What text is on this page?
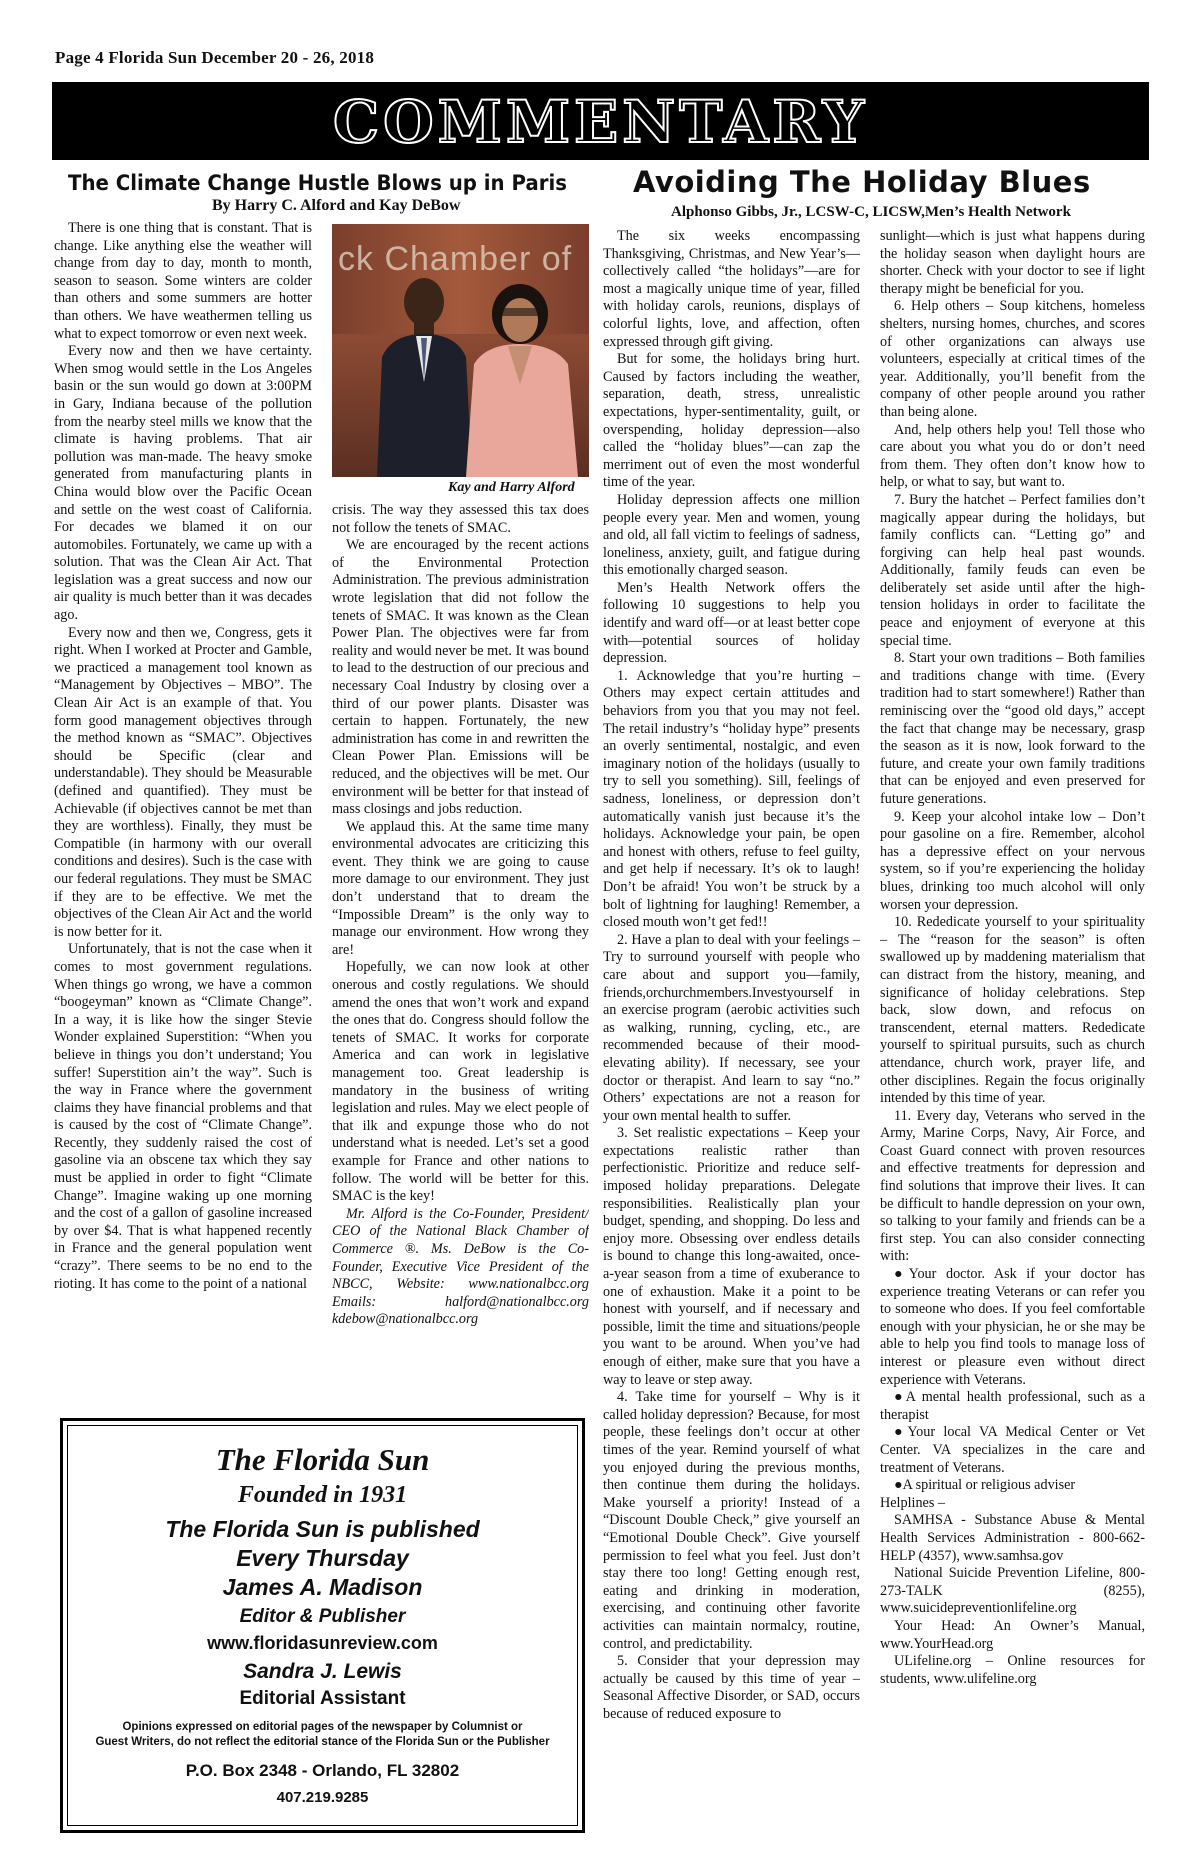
Page 4 Florida Sun December 20 - 26, 2018
COMMENTARY
The Climate Change Hustle Blows up in Paris
By Harry C. Alford and Kay DeBow
Avoiding The Holiday Blues
Alphonso Gibbs, Jr., LCSW-C, LICSW,Men’s Health Network

There is one thing that is constant. That is change. Like anything else the weather will change from day to day, month to month, season to season. Some winters are colder than others and some summers are hotter than others. We have weathermen telling us what to expect tomorrow or even next week.

Every now and then we have certainty. When smog would settle in the Los Angeles basin or the sun would go down at 3:00PM in Gary, Indiana because of the pollution from the nearby steel mills we know that the climate is having problems. That air pollution was man-made. The heavy smoke generated from manufacturing plants in China would blow over the Pacific Ocean and settle on the west coast of California. For decades we blamed it on our automobiles. Fortunately, we came up with a solution. That was the Clean Air Act. That legislation was a great success and now our air quality is much better than it was decades ago.

Every now and then we, Congress, gets it right. When I worked at Procter and Gamble, we practiced a management tool known as “Management by Objectives – MBO”. The Clean Air Act is an example of that. You form good management objectives through the method known as “SMAC”. Objectives should be Specific (clear and understandable). They should be Measurable (defined and quantified). They must be Achievable (if objectives cannot be met than they are worthless). Finally, they must be Compatible (in harmony with our overall conditions and desires). Such is the case with our federal regulations. They must be SMAC if they are to be effective. We met the objectives of the Clean Air Act and the world is now better for it.

Unfortunately, that is not the case when it comes to most government regulations. When things go wrong, we have a common “boogeyman” known as “Climate Change”. In a way, it is like how the singer Stevie Wonder explained Superstition: “When you believe in things you don’t understand; You suffer! Superstition ain’t the way”. Such is the way in France where the government claims they have financial problems and that is caused by the cost of “Climate Change”. Recently, they suddenly raised the cost of gasoline via an obscene tax which they say must be applied in order to fight “Climate Change”. Imagine waking up one morning and the cost of a gallon of gasoline increased by over $4. That is what happened recently in France and the general population went “crazy”. There seems to be no end to the rioting. It has come to the point of a national

ck Chamber of
Kay and Harry Alford

crisis. The way they assessed this tax does not follow the tenets of SMAC.

We are encouraged by the recent actions of the Environmental Protection Administration. The previous administration wrote legislation that did not follow the tenets of SMAC. It was known as the Clean Power Plan. The objectives were far from reality and would never be met. It was bound to lead to the destruction of our precious and necessary Coal Industry by closing over a third of our power plants. Disaster was certain to happen. Fortunately, the new administration has come in and rewritten the Clean Power Plan. Emissions will be reduced, and the objectives will be met. Our environment will be better for that instead of mass closings and jobs reduction.

We applaud this. At the same time many environmental advocates are criticizing this event. They think we are going to cause more damage to our environment. They just don’t understand that to dream the “Impossible Dream” is the only way to manage our environment. How wrong they are!

Hopefully, we can now look at other onerous and costly regulations. We should amend the ones that won’t work and expand the ones that do. Congress should follow the tenets of SMAC. It works for corporate America and can work in legislative management too. Great leadership is mandatory in the business of writing legislation and rules. May we elect people of that ilk and expunge those who do not understand what is needed. Let’s set a good example for France and other nations to follow. The world will be better for this. SMAC is the key!

Mr. Alford is the Co-Founder, President/ CEO of the National Black Chamber of Commerce ®. Ms. DeBow is the Co-Founder, Executive Vice President of the NBCC, Website: www.nationalbcc.org Emails: halford@nationalbcc.org kdebow@nationalbcc.org

The Florida Sun
Founded in 1931
The Florida Sun is published
Every Thursday
James A. Madison
Editor & Publisher
www.floridasunreview.com
Sandra J. Lewis
Editorial Assistant
Opinions expressed on editorial pages of the newspaper by Columnist or
Guest Writers, do not reflect the editorial stance of the Florida Sun or the Publisher
P.O. Box 2348 - Orlando, FL 32802
407.219.9285

The six weeks encompassing Thanksgiving, Christmas, and New Year’s—collectively called “the holidays”—are for most a magically unique time of year, filled with holiday carols, reunions, displays of colorful lights, love, and affection, often expressed through gift giving.

But for some, the holidays bring hurt. Caused by factors including the weather, separation, death, stress, unrealistic expectations, hyper-sentimentality, guilt, or overspending, holiday depression—also called the “holiday blues”—can zap the merriment out of even the most wonderful time of the year.

Holiday depression affects one million people every year. Men and women, young and old, all fall victim to feelings of sadness, loneliness, anxiety, guilt, and fatigue during this emotionally charged season.

Men’s Health Network offers the following 10 suggestions to help you identify and ward off—or at least better cope with—potential sources of holiday depression.

1. Acknowledge that you’re hurting – Others may expect certain attitudes and behaviors from you that you may not feel. The retail industry’s “holiday hype” presents an overly sentimental, nostalgic, and even imaginary notion of the holidays (usually to try to sell you something). Sill, feelings of sadness, loneliness, or depression don’t automatically vanish just because it’s the holidays. Acknowledge your pain, be open and honest with others, refuse to feel guilty, and get help if necessary. It’s ok to laugh! Don’t be afraid! You won’t be struck by a bolt of lightning for laughing! Remember, a closed mouth won’t get fed!!

2. Have a plan to deal with your feelings – Try to surround yourself with people who care about and support you—family, friends,orchurchmembers.Investyourself in an exercise program (aerobic activities such as walking, running, cycling, etc., are recommended because of their mood-elevating ability). If necessary, see your doctor or therapist. And learn to say “no.” Others’ expectations are not a reason for your own mental health to suffer.

3. Set realistic expectations – Keep your expectations realistic rather than perfectionistic. Prioritize and reduce self-imposed holiday preparations. Delegate responsibilities. Realistically plan your budget, spending, and shopping. Do less and enjoy more. Obsessing over endless details is bound to change this long-awaited, once-a-year season from a time of exuberance to one of exhaustion. Make it a point to be honest with yourself, and if necessary and possible, limit the time and situations/people you want to be around. When you’ve had enough of either, make sure that you have a way to leave or step away.

4. Take time for yourself – Why is it called holiday depression? Because, for most people, these feelings don’t occur at other times of the year. Remind yourself of what you enjoyed during the previous months, then continue them during the holidays. Make yourself a priority! Instead of a “Discount Double Check,” give yourself an “Emotional Double Check”. Give yourself permission to feel what you feel. Just don’t stay there too long! Getting enough rest, eating and drinking in moderation, exercising, and continuing other favorite activities can maintain normalcy, routine, control, and predictability.

5. Consider that your depression may actually be caused by this time of year – Seasonal Affective Disorder, or SAD, occurs because of reduced exposure to

sunlight—which is just what happens during the holiday season when daylight hours are shorter. Check with your doctor to see if light therapy might be beneficial for you.

6. Help others – Soup kitchens, homeless shelters, nursing homes, churches, and scores of other organizations can always use volunteers, especially at critical times of the year. Additionally, you’ll benefit from the company of other people around you rather than being alone.

And, help others help you! Tell those who care about you what you do or don’t need from them. They often don’t know how to help, or what to say, but want to.

7. Bury the hatchet – Perfect families don’t magically appear during the holidays, but family conflicts can. “Letting go” and forgiving can help heal past wounds. Additionally, family feuds can even be deliberately set aside until after the high-tension holidays in order to facilitate the peace and enjoyment of everyone at this special time.

8. Start your own traditions – Both families and traditions change with time. (Every tradition had to start somewhere!) Rather than reminiscing over the “good old days,” accept the fact that change may be necessary, grasp the season as it is now, look forward to the future, and create your own family traditions that can be enjoyed and even preserved for future generations.

9. Keep your alcohol intake low – Don’t pour gasoline on a fire. Remember, alcohol has a depressive effect on your nervous system, so if you’re experiencing the holiday blues, drinking too much alcohol will only worsen your depression.

10. Rededicate yourself to your spirituality – The “reason for the season” is often swallowed up by maddening materialism that can distract from the history, meaning, and significance of holiday celebrations. Step back, slow down, and refocus on transcendent, eternal matters. Rededicate yourself to spiritual pursuits, such as church attendance, church work, prayer life, and other disciplines. Regain the focus originally intended by this time of year.

11. Every day, Veterans who served in the Army, Marine Corps, Navy, Air Force, and Coast Guard connect with proven resources and effective treatments for depression and find solutions that improve their lives. It can be difficult to handle depression on your own, so talking to your family and friends can be a first step. You can also consider connecting with:

●Your doctor. Ask if your doctor has experience treating Veterans or can refer you to someone who does. If you feel comfortable enough with your physician, he or she may be able to help you find tools to manage loss of interest or pleasure even without direct experience with Veterans.

●A mental health professional, such as a therapist

●Your local VA Medical Center or Vet Center. VA specializes in the care and treatment of Veterans.

●A spiritual or religious adviser

Helplines –

SAMHSA - Substance Abuse & Mental Health Services Administration - 800-662-HELP (4357), www.samhsa.gov

National Suicide Prevention Lifeline, 800-273-TALK (8255), www.suicidepreventionlifeline.org

Your Head: An Owner’s Manual, www.YourHead.org

ULifeline.org – Online resources for students, www.ulifeline.org
